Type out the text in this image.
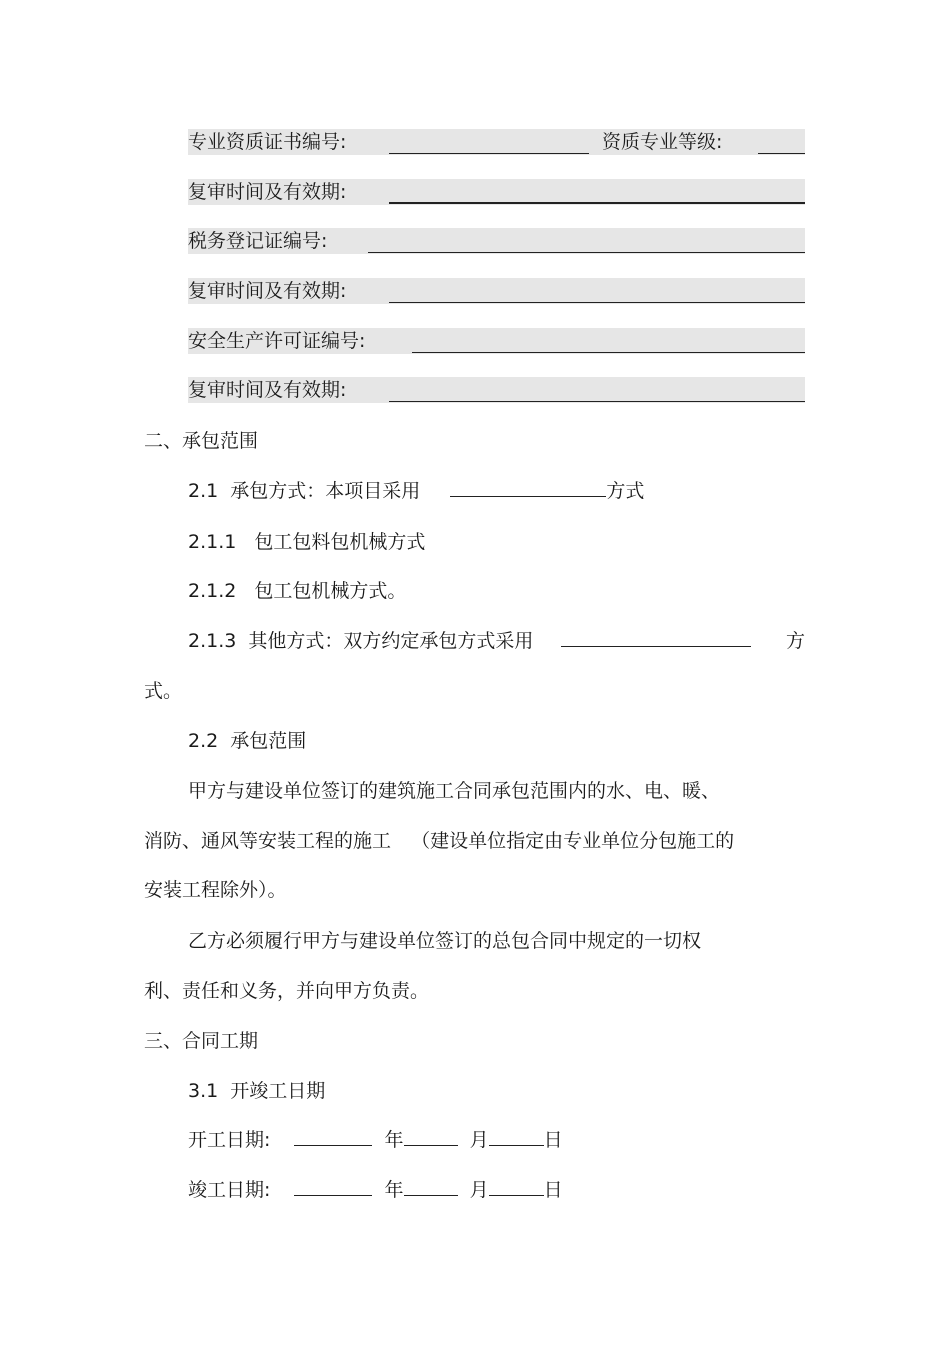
专业资质证书编号:	资质专业等级:
复审时间及有效期:
税务登记证编号:
复审时间及有效期:
安全生产许可证编号:
复审时间及有效期:
二、承包范围
2.1 承包方式：本项目采用	方式
2.1.1 包工包料包机械方式
2.1.2 包工包机械方式。
2.1.3 其他方式：双方约定承包方式采用	方
式。
2.2 承包范围
甲方与建设单位签订的建筑施工合同承包范围内的水、电、暖、
消防、通风等安装工程的施工 （建设单位指定由专业单位分包施工的
安装工程除外）。
乙方必须履行甲方与建设单位签订的总包合同中规定的一切权
利、责任和义务，并向甲方负责。
三、合同工期
3.1 开竣工日期
开工日期:	年	月	日
竣工日期:	年	月	日
